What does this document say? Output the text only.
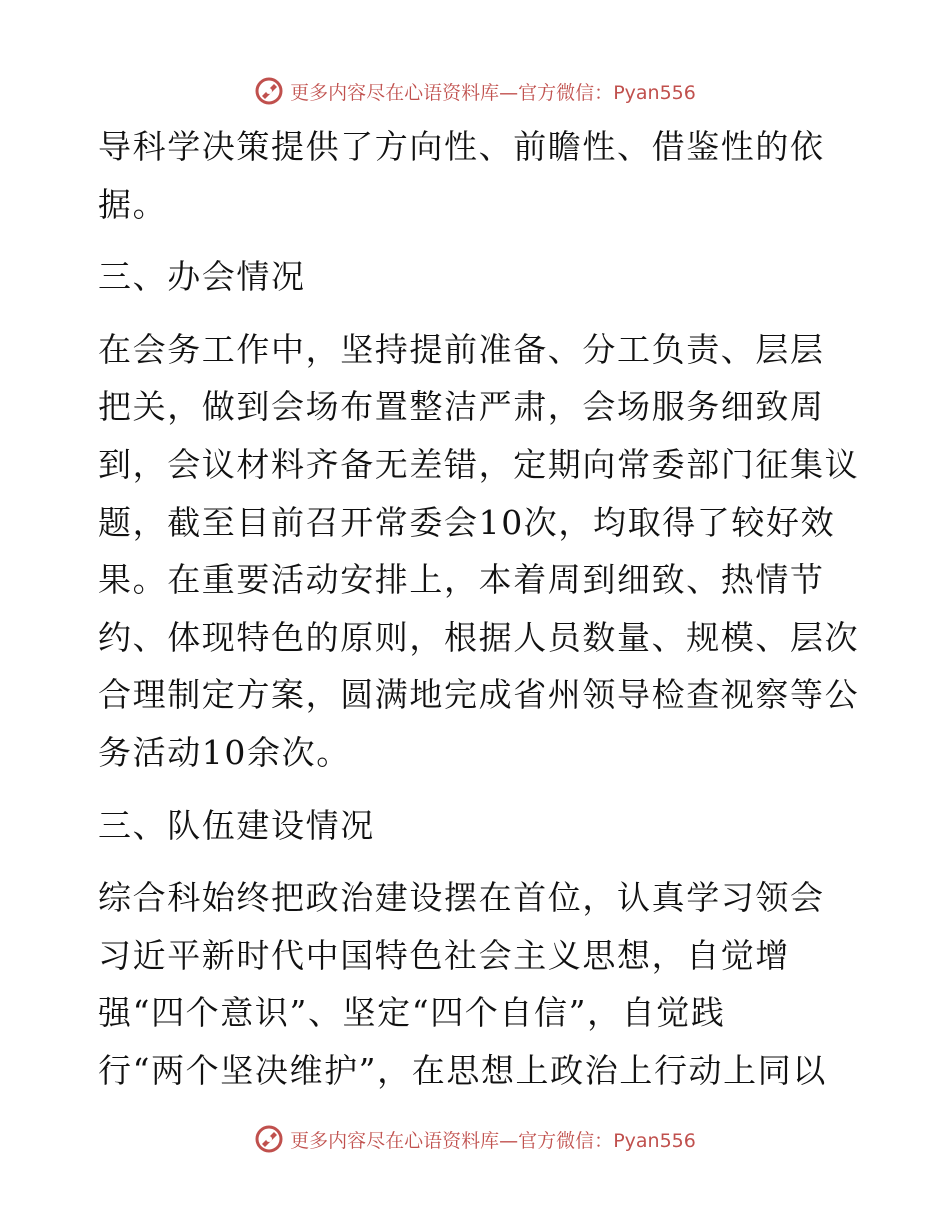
更多内容尽在心语资料库—官方微信：Pyan556
导科学决策提供了方向性、前瞻性、借鉴性的依
据。
三、办会情况
在会务工作中，坚持提前准备、分工负责、层层
把关，做到会场布置整洁严肃，会场服务细致周
到，会议材料齐备无差错，定期向常委部门征集议
题，截至目前召开常委会10次，均取得了较好效
果。在重要活动安排上，本着周到细致、热情节
约、体现特色的原则，根据人员数量、规模、层次
合理制定方案，圆满地完成省州领导检查视察等公
务活动10余次。
三、队伍建设情况
综合科始终把政治建设摆在首位，认真学习领会
习近平新时代中国特色社会主义思想，自觉增
强“四个意识”、坚定“四个自信”，自觉践
行“两个坚决维护”，在思想上政治上行动上同以
更多内容尽在心语资料库—官方微信：Pyan556
